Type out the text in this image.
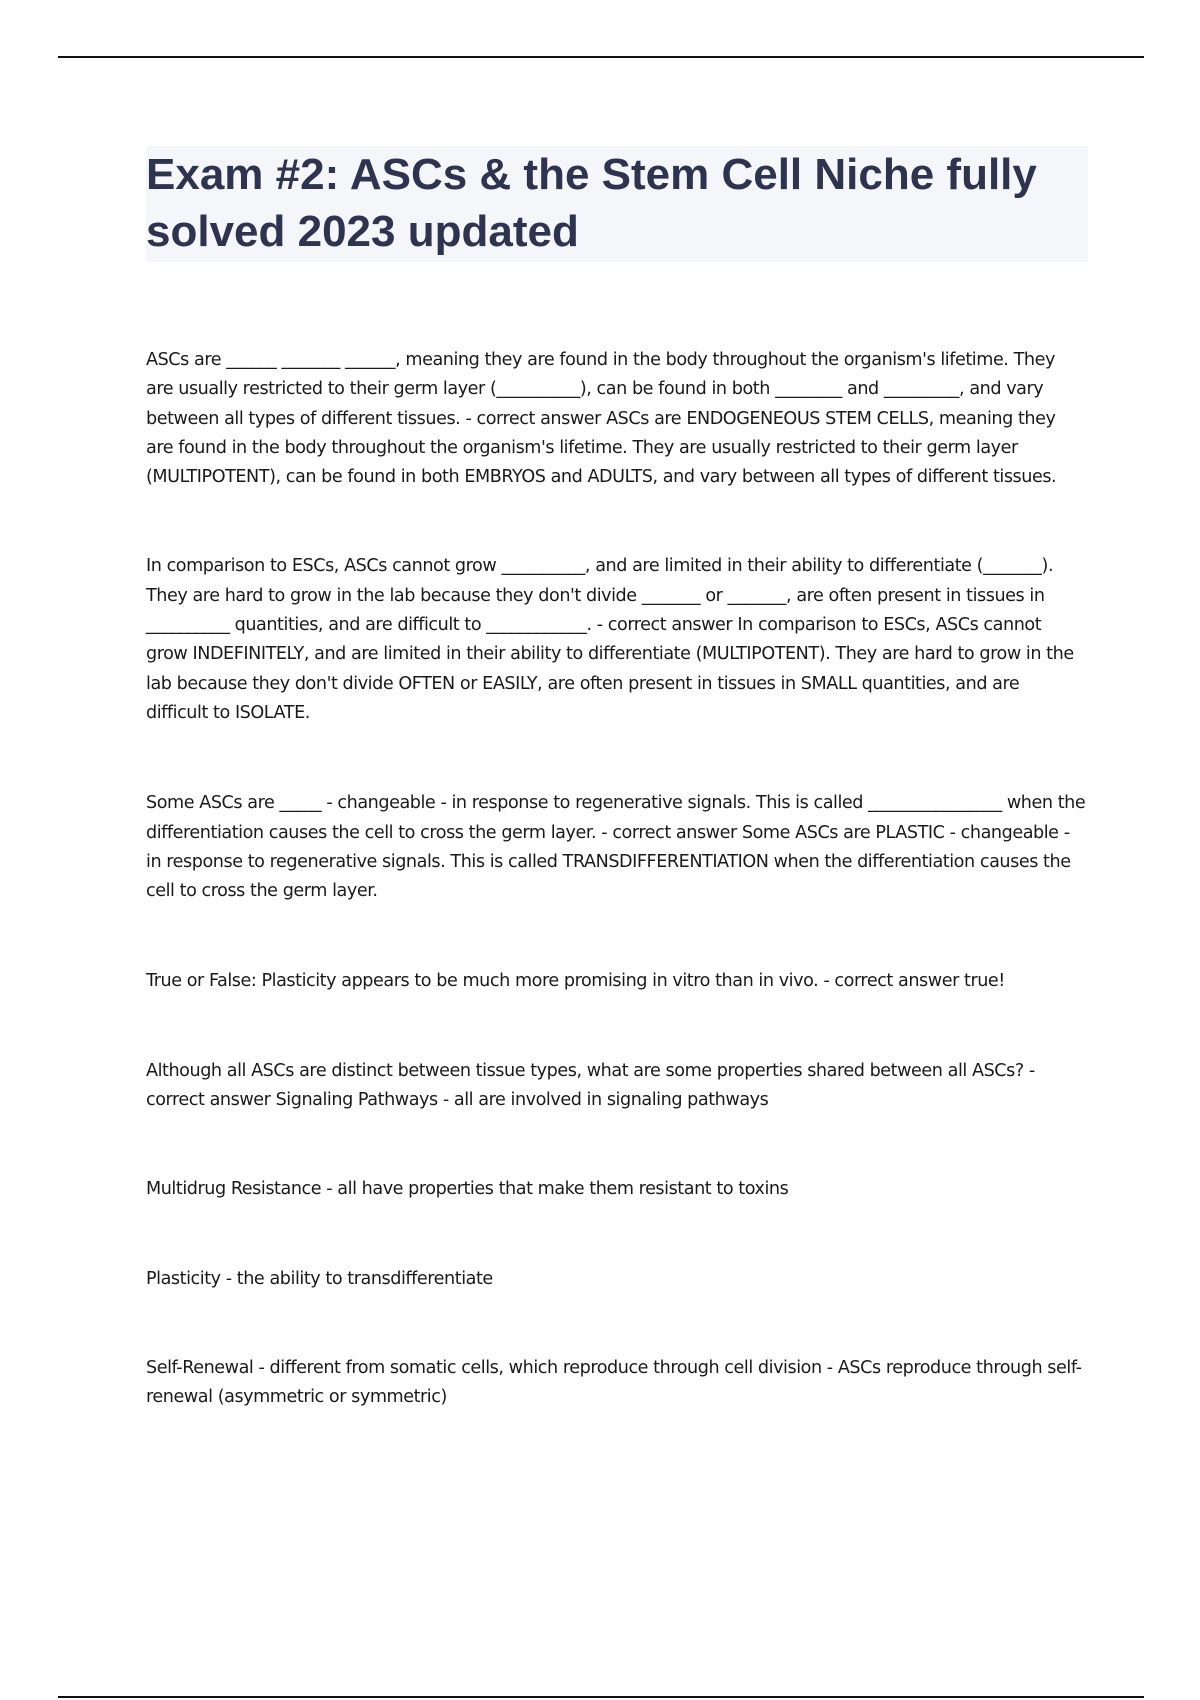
Exam #2: ASCs & the Stem Cell Niche fully solved 2023 updated

ASCs are ______ _______ ______, meaning they are found in the body throughout the organism's lifetime. They are usually restricted to their germ layer (__________), can be found in both ________ and _________, and vary between all types of different tissues. - correct answer ASCs are ENDOGENEOUS STEM CELLS, meaning they are found in the body throughout the organism's lifetime. They are usually restricted to their germ layer (MULTIPOTENT), can be found in both EMBRYOS and ADULTS, and vary between all types of different tissues.

In comparison to ESCs, ASCs cannot grow __________, and are limited in their ability to differentiate (_______). They are hard to grow in the lab because they don't divide _______ or _______, are often present in tissues in __________ quantities, and are difficult to ____________. - correct answer In comparison to ESCs, ASCs cannot grow INDEFINITELY, and are limited in their ability to differentiate (MULTIPOTENT). They are hard to grow in the lab because they don't divide OFTEN or EASILY, are often present in tissues in SMALL quantities, and are difficult to ISOLATE.

Some ASCs are _____ - changeable - in response to regenerative signals. This is called ________________ when the differentiation causes the cell to cross the germ layer. - correct answer Some ASCs are PLASTIC - changeable - in response to regenerative signals. This is called TRANSDIFFERENTIATION when the differentiation causes the cell to cross the germ layer.

True or False: Plasticity appears to be much more promising in vitro than in vivo. - correct answer true!

Although all ASCs are distinct between tissue types, what are some properties shared between all ASCs? - correct answer Signaling Pathways - all are involved in signaling pathways

Multidrug Resistance - all have properties that make them resistant to toxins

Plasticity - the ability to transdifferentiate

Self-Renewal - different from somatic cells, which reproduce through cell division - ASCs reproduce through self-renewal (asymmetric or symmetric)
